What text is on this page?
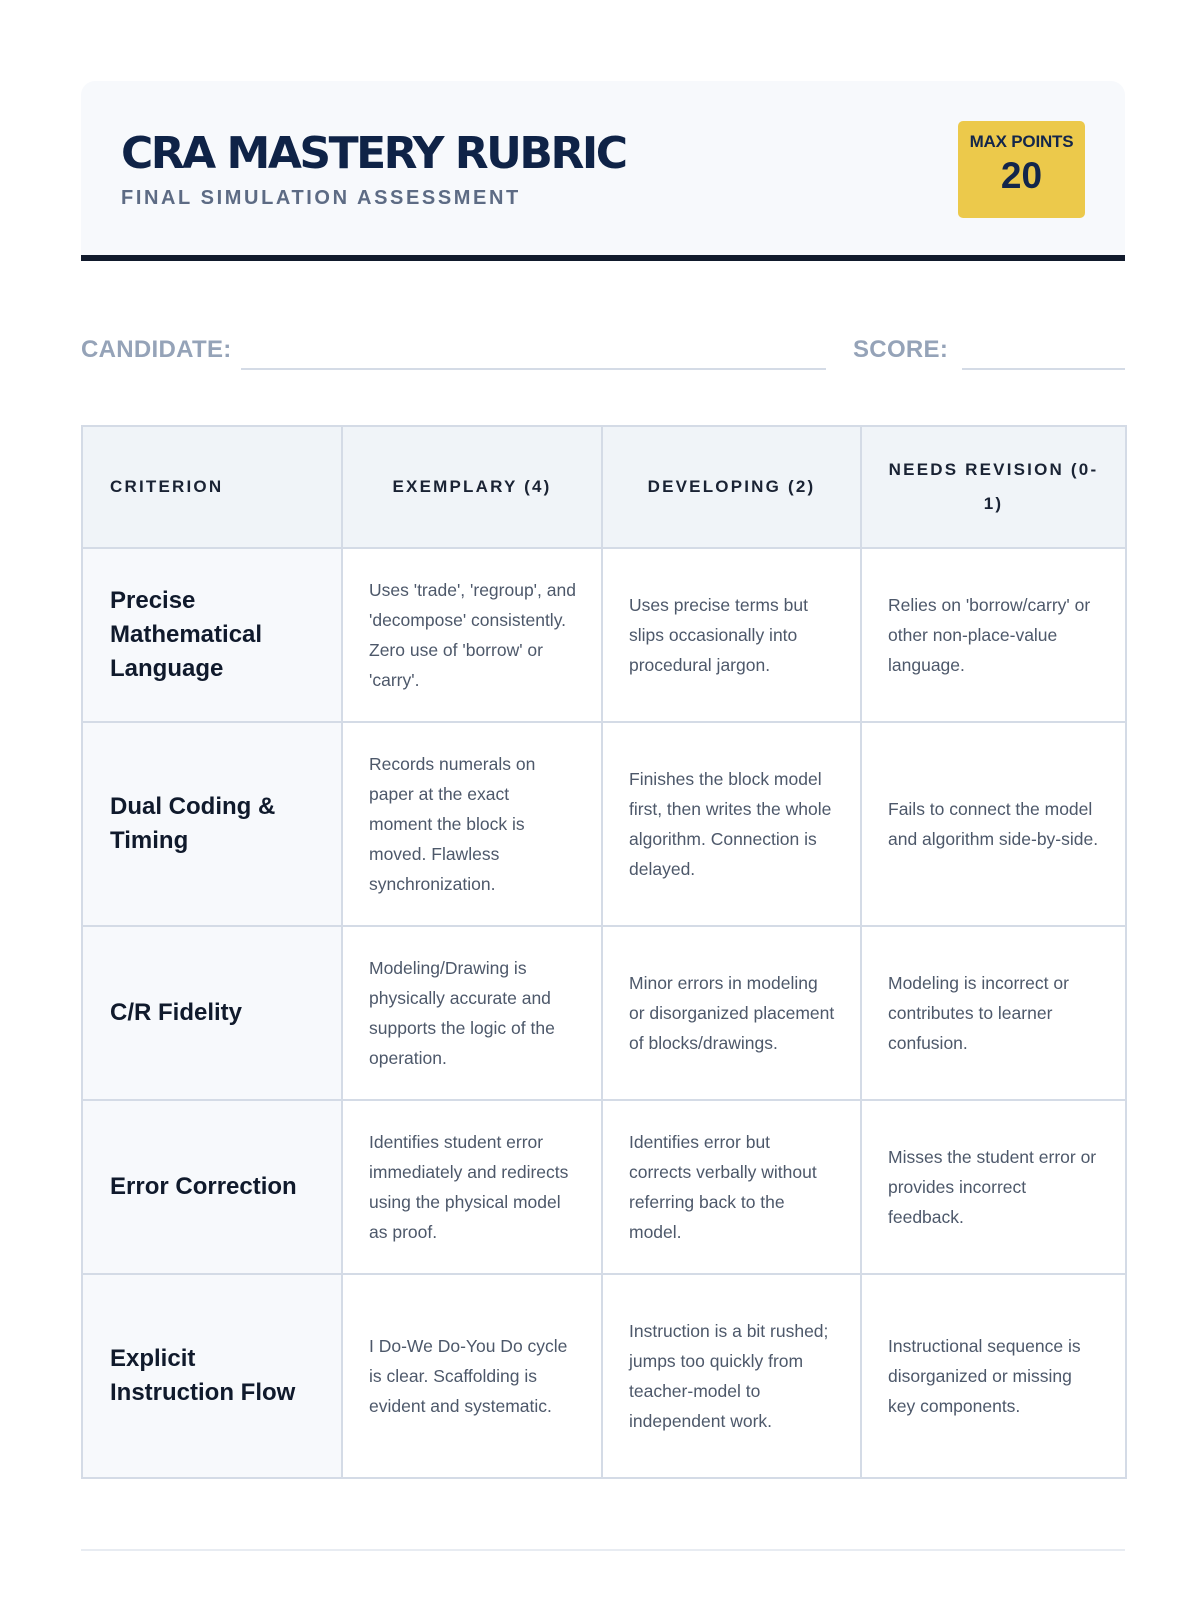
CRA MASTERY RUBRIC
FINAL SIMULATION ASSESSMENT
MAX POINTS
20
CANDIDATE:	SCORE:
CRITERION	EXEMPLARY (4)	DEVELOPING (2)	NEEDS REVISION (0-1)
Precise Mathematical Language	Uses 'trade', 'regroup', and 'decompose' consistently. Zero use of 'borrow' or 'carry'.	Uses precise terms but slips occasionally into procedural jargon.	Relies on 'borrow/carry' or other non-place-value language.
Dual Coding & Timing	Records numerals on paper at the exact moment the block is moved. Flawless synchronization.	Finishes the block model first, then writes the whole algorithm. Connection is delayed.	Fails to connect the model and algorithm side-by-side.
C/R Fidelity	Modeling/Drawing is physically accurate and supports the logic of the operation.	Minor errors in modeling or disorganized placement of blocks/drawings.	Modeling is incorrect or contributes to learner confusion.
Error Correction	Identifies student error immediately and redirects using the physical model as proof.	Identifies error but corrects verbally without referring back to the model.	Misses the student error or provides incorrect feedback.
Explicit Instruction Flow	I Do-We Do-You Do cycle is clear. Scaffolding is evident and systematic.	Instruction is a bit rushed; jumps too quickly from teacher-model to independent work.	Instructional sequence is disorganized or missing key components.
